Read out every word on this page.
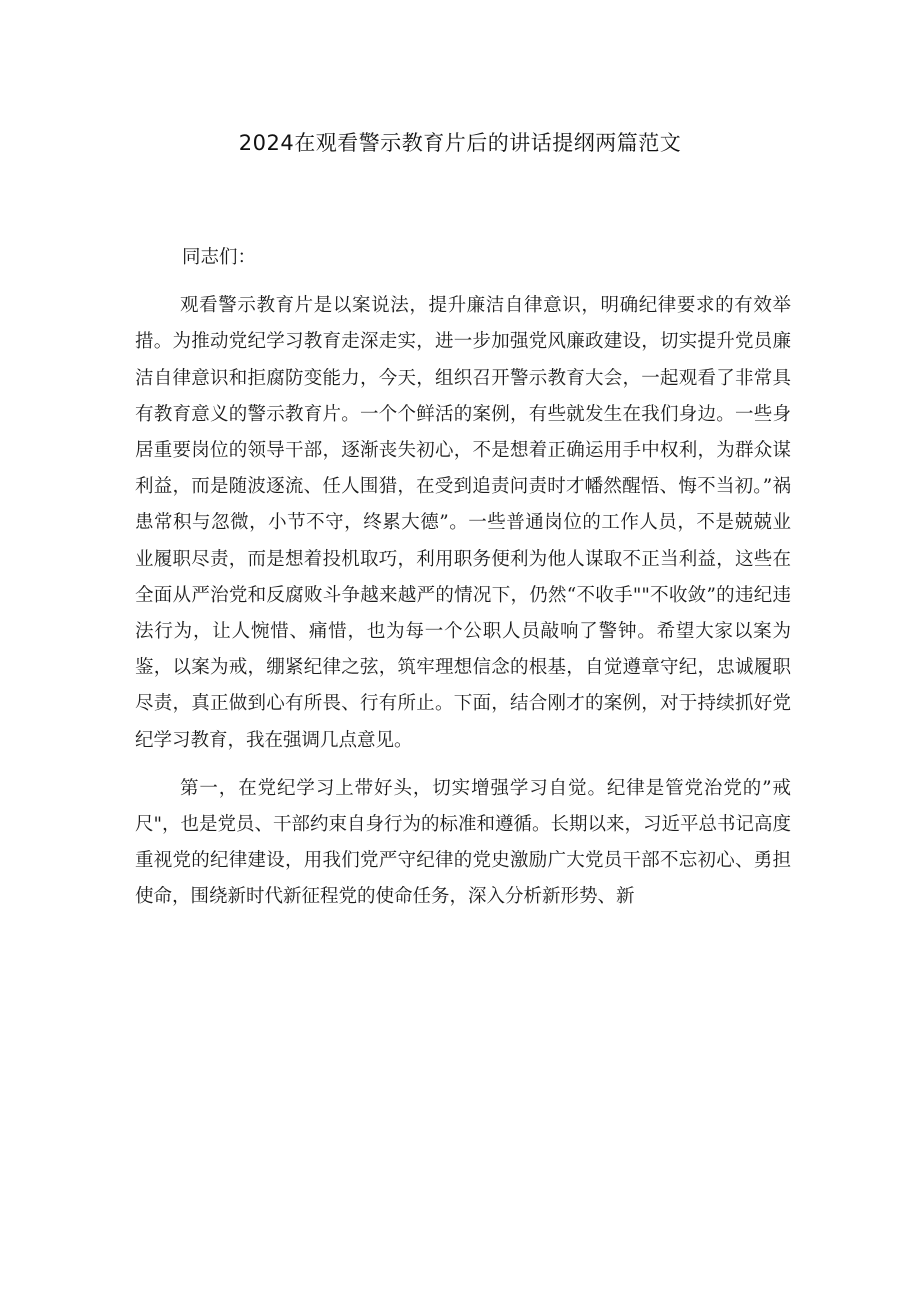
2024在观看警示教育片后的讲话提纲两篇范文

同志们：

观看警示教育片是以案说法，提升廉洁自律意识，明确纪律要求的有效举措。为推动党纪学习教育走深走实，进一步加强党风廉政建设，切实提升党员廉洁自律意识和拒腐防变能力，今天，组织召开警示教育大会，一起观看了非常具有教育意义的警示教育片。一个个鲜活的案例，有些就发生在我们身边。一些身居重要岗位的领导干部，逐渐丧失初心，不是想着正确运用手中权利，为群众谋利益，而是随波逐流、任人围猎，在受到追责问责时才幡然醒悟、悔不当初。”祸患常积与忽微，小节不守，终累大德”。一些普通岗位的工作人员，不是兢兢业业履职尽责，而是想着投机取巧，利用职务便利为他人谋取不正当利益，这些在全面从严治党和反腐败斗争越来越严的情况下，仍然“不收手""不收敛”的违纪违法行为，让人惋惜、痛惜，也为每一个公职人员敲响了警钟。希望大家以案为鉴，以案为戒，绷紧纪律之弦，筑牢理想信念的根基，自觉遵章守纪，忠诚履职尽责，真正做到心有所畏、行有所止。下面，结合刚才的案例，对于持续抓好党纪学习教育，我在强调几点意见。

第一，在党纪学习上带好头，切实增强学习自觉。纪律是管党治党的”戒尺"，也是党员、干部约束自身行为的标准和遵循。长期以来，习近平总书记高度重视党的纪律建设，用我们党严守纪律的党史激励广大党员干部不忘初心、勇担使命，围绕新时代新征程党的使命任务，深入分析新形势、新
